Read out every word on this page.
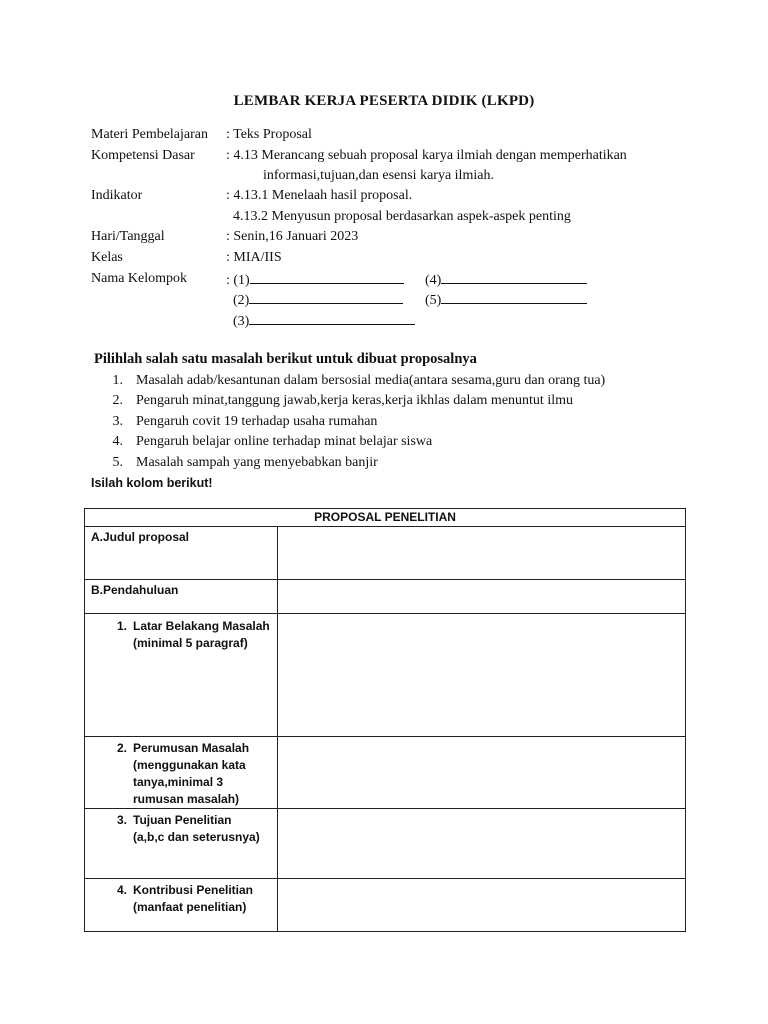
LEMBAR KERJA PESERTA DIDIK (LKPD)
Materi Pembelajaran : Teks Proposal
Kompetensi Dasar : 4.13 Merancang sebuah proposal karya ilmiah dengan memperhatikan
informasi,tujuan,dan esensi karya ilmiah.
Indikator	: 4.13.1 Menelaah hasil proposal.
4.13.2 Menyusun proposal berdasarkan aspek-aspek penting
Hari/Tanggal	: Senin,16 Januari 2023
Kelas	: MIA/IIS
Nama Kelompok	: (1)	(4)
(2)	(5)
(3)
Pilihlah salah satu masalah berikut untuk dibuat proposalnya
1. Masalah adab/kesantunan dalam bersosial media(antara sesama,guru dan orang tua)
2. Pengaruh minat,tanggung jawab,kerja keras,kerja ikhlas dalam menuntut ilmu
3. Pengaruh covit 19 terhadap usaha rumahan
4. Pengaruh belajar online terhadap minat belajar siswa
5. Masalah sampah yang menyebabkan banjir
Isilah kolom berikut!
PROPOSAL PENELITIAN	
A.Judul proposal	
B.Pendahuluan	

1. Latar Belakang Masalah
(minimal 5 paragraf)	

2. Perumusan Masalah
(menggunakan kata tanya,minimal 3 rumusan masalah)	

3. Tujuan Penelitian
(a,b,c dan seterusnya)	

4. Kontribusi Penelitian
(manfaat penelitian)	
